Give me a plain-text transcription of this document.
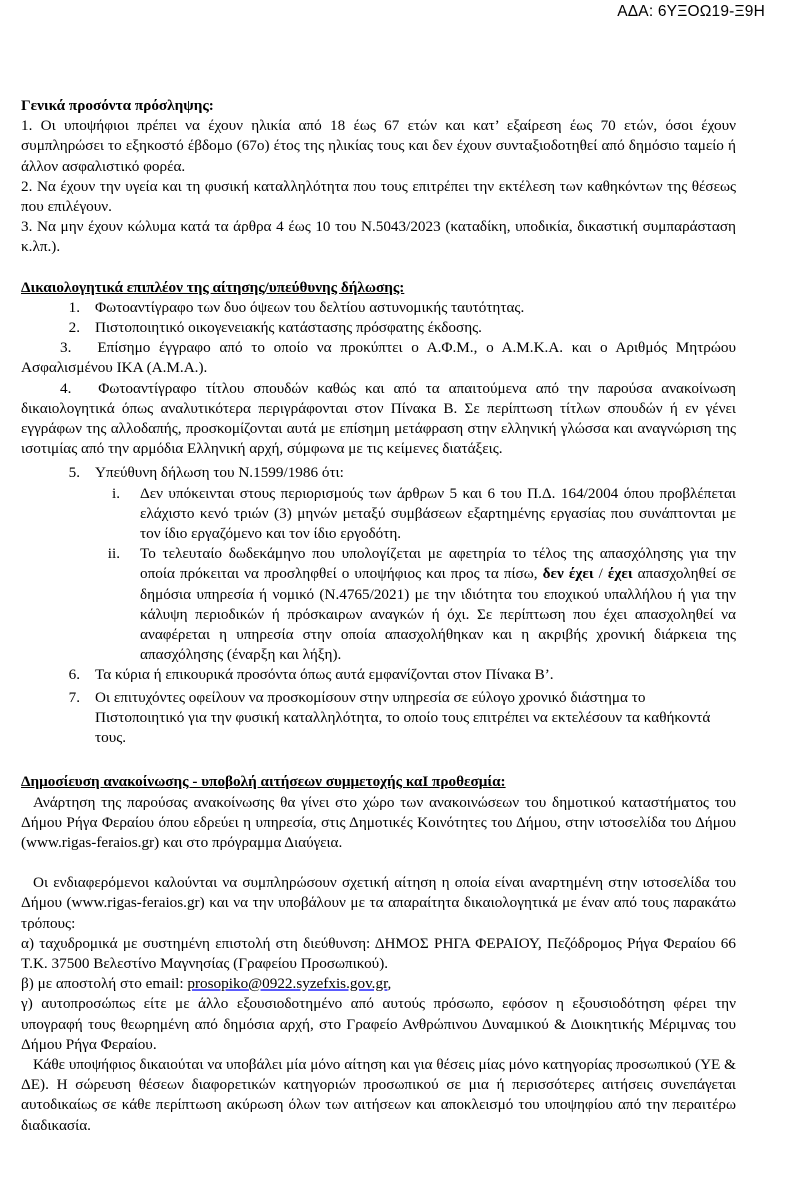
ΑΔΑ: 6ΥΞΟΩ19-Ξ9Η

Γενικά προσόντα πρόσληψης:

1. Οι υποψήφιοι πρέπει να έχουν ηλικία από 18 έως 67 ετών και κατ’ εξαίρεση έως 70 ετών, όσοι έχουν συμπληρώσει το εξηκοστό έβδομο (67ο) έτος της ηλικίας τους και δεν έχουν συνταξιοδοτηθεί από δημόσιο ταμείο ή άλλον ασφαλιστικό φορέα.

2. Να έχουν την υγεία και τη φυσική καταλληλότητα που τους επιτρέπει την εκτέλεση των καθηκόντων της θέσεως που επιλέγουν.

3. Να μην έχουν κώλυμα κατά τα άρθρα 4 έως 10 του Ν.5043/2023 (καταδίκη, υποδικία, δικαστική συμπαράσταση κ.λπ.).

Δικαιολογητικά επιπλέον της αίτησης/υπεύθυνης δήλωσης:

1. Φωτοαντίγραφο των δυο όψεων του δελτίου αστυνομικής ταυτότητας.
2. Πιστοποιητικό οικογενειακής κατάστασης πρόσφατης έκδοσης.

3. Επίσημο έγγραφο από το οποίο να προκύπτει ο Α.Φ.Μ., ο Α.Μ.Κ.Α. και ο Αριθμός Μητρώου Ασφαλισμένου ΙΚΑ (Α.Μ.Α.).

4. Φωτοαντίγραφο τίτλου σπουδών καθώς και από τα απαιτούμενα από την παρούσα ανακοίνωση δικαιολογητικά όπως αναλυτικότερα περιγράφονται στον Πίνακα Β. Σε περίπτωση τίτλων σπουδών ή εν γένει εγγράφων της αλλοδαπής, προσκομίζονται αυτά με επίσημη μετάφραση στην ελληνική γλώσσα και αναγνώριση της ισοτιμίας από την αρμόδια Ελληνική αρχή, σύμφωνα με τις κείμενες διατάξεις.

5. Υπεύθυνη δήλωση του Ν.1599/1986 ότι:
i. Δεν υπόκεινται στους περιορισμούς των άρθρων 5 και 6 του Π.Δ. 164/2004 όπου προβλέπεται ελάχιστο κενό τριών (3) μηνών μεταξύ συμβάσεων εξαρτημένης εργασίας που συνάπτονται με τον ίδιο εργαζόμενο και τον ίδιο εργοδότη.
ii. Το τελευταίο δωδεκάμηνο που υπολογίζεται με αφετηρία το τέλος της απασχόλησης για την οποία πρόκειται να προσληφθεί ο υποψήφιος και προς τα πίσω, δεν έχει / έχει απασχοληθεί σε δημόσια υπηρεσία ή νομικό (Ν.4765/2021) με την ιδιότητα του εποχικού υπαλλήλου ή για την κάλυψη περιοδικών ή πρόσκαιρων αναγκών ή όχι. Σε περίπτωση που έχει απασχοληθεί να αναφέρεται η υπηρεσία στην οποία απασχολήθηκαν και η ακριβής χρονική διάρκεια της απασχόλησης (έναρξη και λήξη).
6. Τα κύρια ή επικουρικά προσόντα όπως αυτά εμφανίζονται στον Πίνακα Β’.
7. Οι επιτυχόντες οφείλουν να προσκομίσουν στην υπηρεσία σε εύλογο χρονικό διάστημα το Πιστοποιητικό για την φυσική καταλληλότητα, το οποίο τους επιτρέπει να εκτελέσουν τα καθήκοντά τους.

Δημοσίευση ανακοίνωσης - υποβολή αιτήσεων συμμετοχής καΙ προθεσμία:

Ανάρτηση της παρούσας ανακοίνωσης θα γίνει στο χώρο των ανακοινώσεων του δημοτικού καταστήματος του Δήμου Ρήγα Φεραίου όπου εδρεύει η υπηρεσία, στις Δημοτικές Κοινότητες του Δήμου, στην ιστοσελίδα του Δήμου (www.rigas-feraios.gr) και στο πρόγραμμα Διαύγεια.

Οι ενδιαφερόμενοι καλούνται να συμπληρώσουν σχετική αίτηση η οποία είναι αναρτημένη στην ιστοσελίδα του Δήμου (www.rigas-feraios.gr) και να την υποβάλουν με τα απαραίτητα δικαιολογητικά με έναν από τους παρακάτω τρόπους:

α) ταχυδρομικά με συστημένη επιστολή στη διεύθυνση: ΔΗΜΟΣ ΡΗΓΑ ΦΕΡΑΙΟΥ, Πεζόδρομος Ρήγα Φεραίου 66 Τ.Κ. 37500 Βελεστίνο Μαγνησίας (Γραφείου Προσωπικού).

β) με αποστολή στο email: prosopiko@0922.syzefxis.gov.gr,

γ) αυτοπροσώπως είτε με άλλο εξουσιοδοτημένο από αυτούς πρόσωπο, εφόσον η εξουσιοδότηση φέρει την υπογραφή τους θεωρημένη από δημόσια αρχή, στο Γραφείο Ανθρώπινου Δυναμικού & Διοικητικής Μέριμνας του Δήμου Ρήγα Φεραίου.

Κάθε υποψήφιος δικαιούται να υποβάλει μία μόνο αίτηση και για θέσεις μίας μόνο κατηγορίας προσωπικού (ΥΕ & ΔΕ). Η σώρευση θέσεων διαφορετικών κατηγοριών προσωπικού σε μια ή περισσότερες αιτήσεις συνεπάγεται αυτοδικαίως σε κάθε περίπτωση ακύρωση όλων των αιτήσεων και αποκλεισμό του υποψηφίου από την περαιτέρω διαδικασία.
